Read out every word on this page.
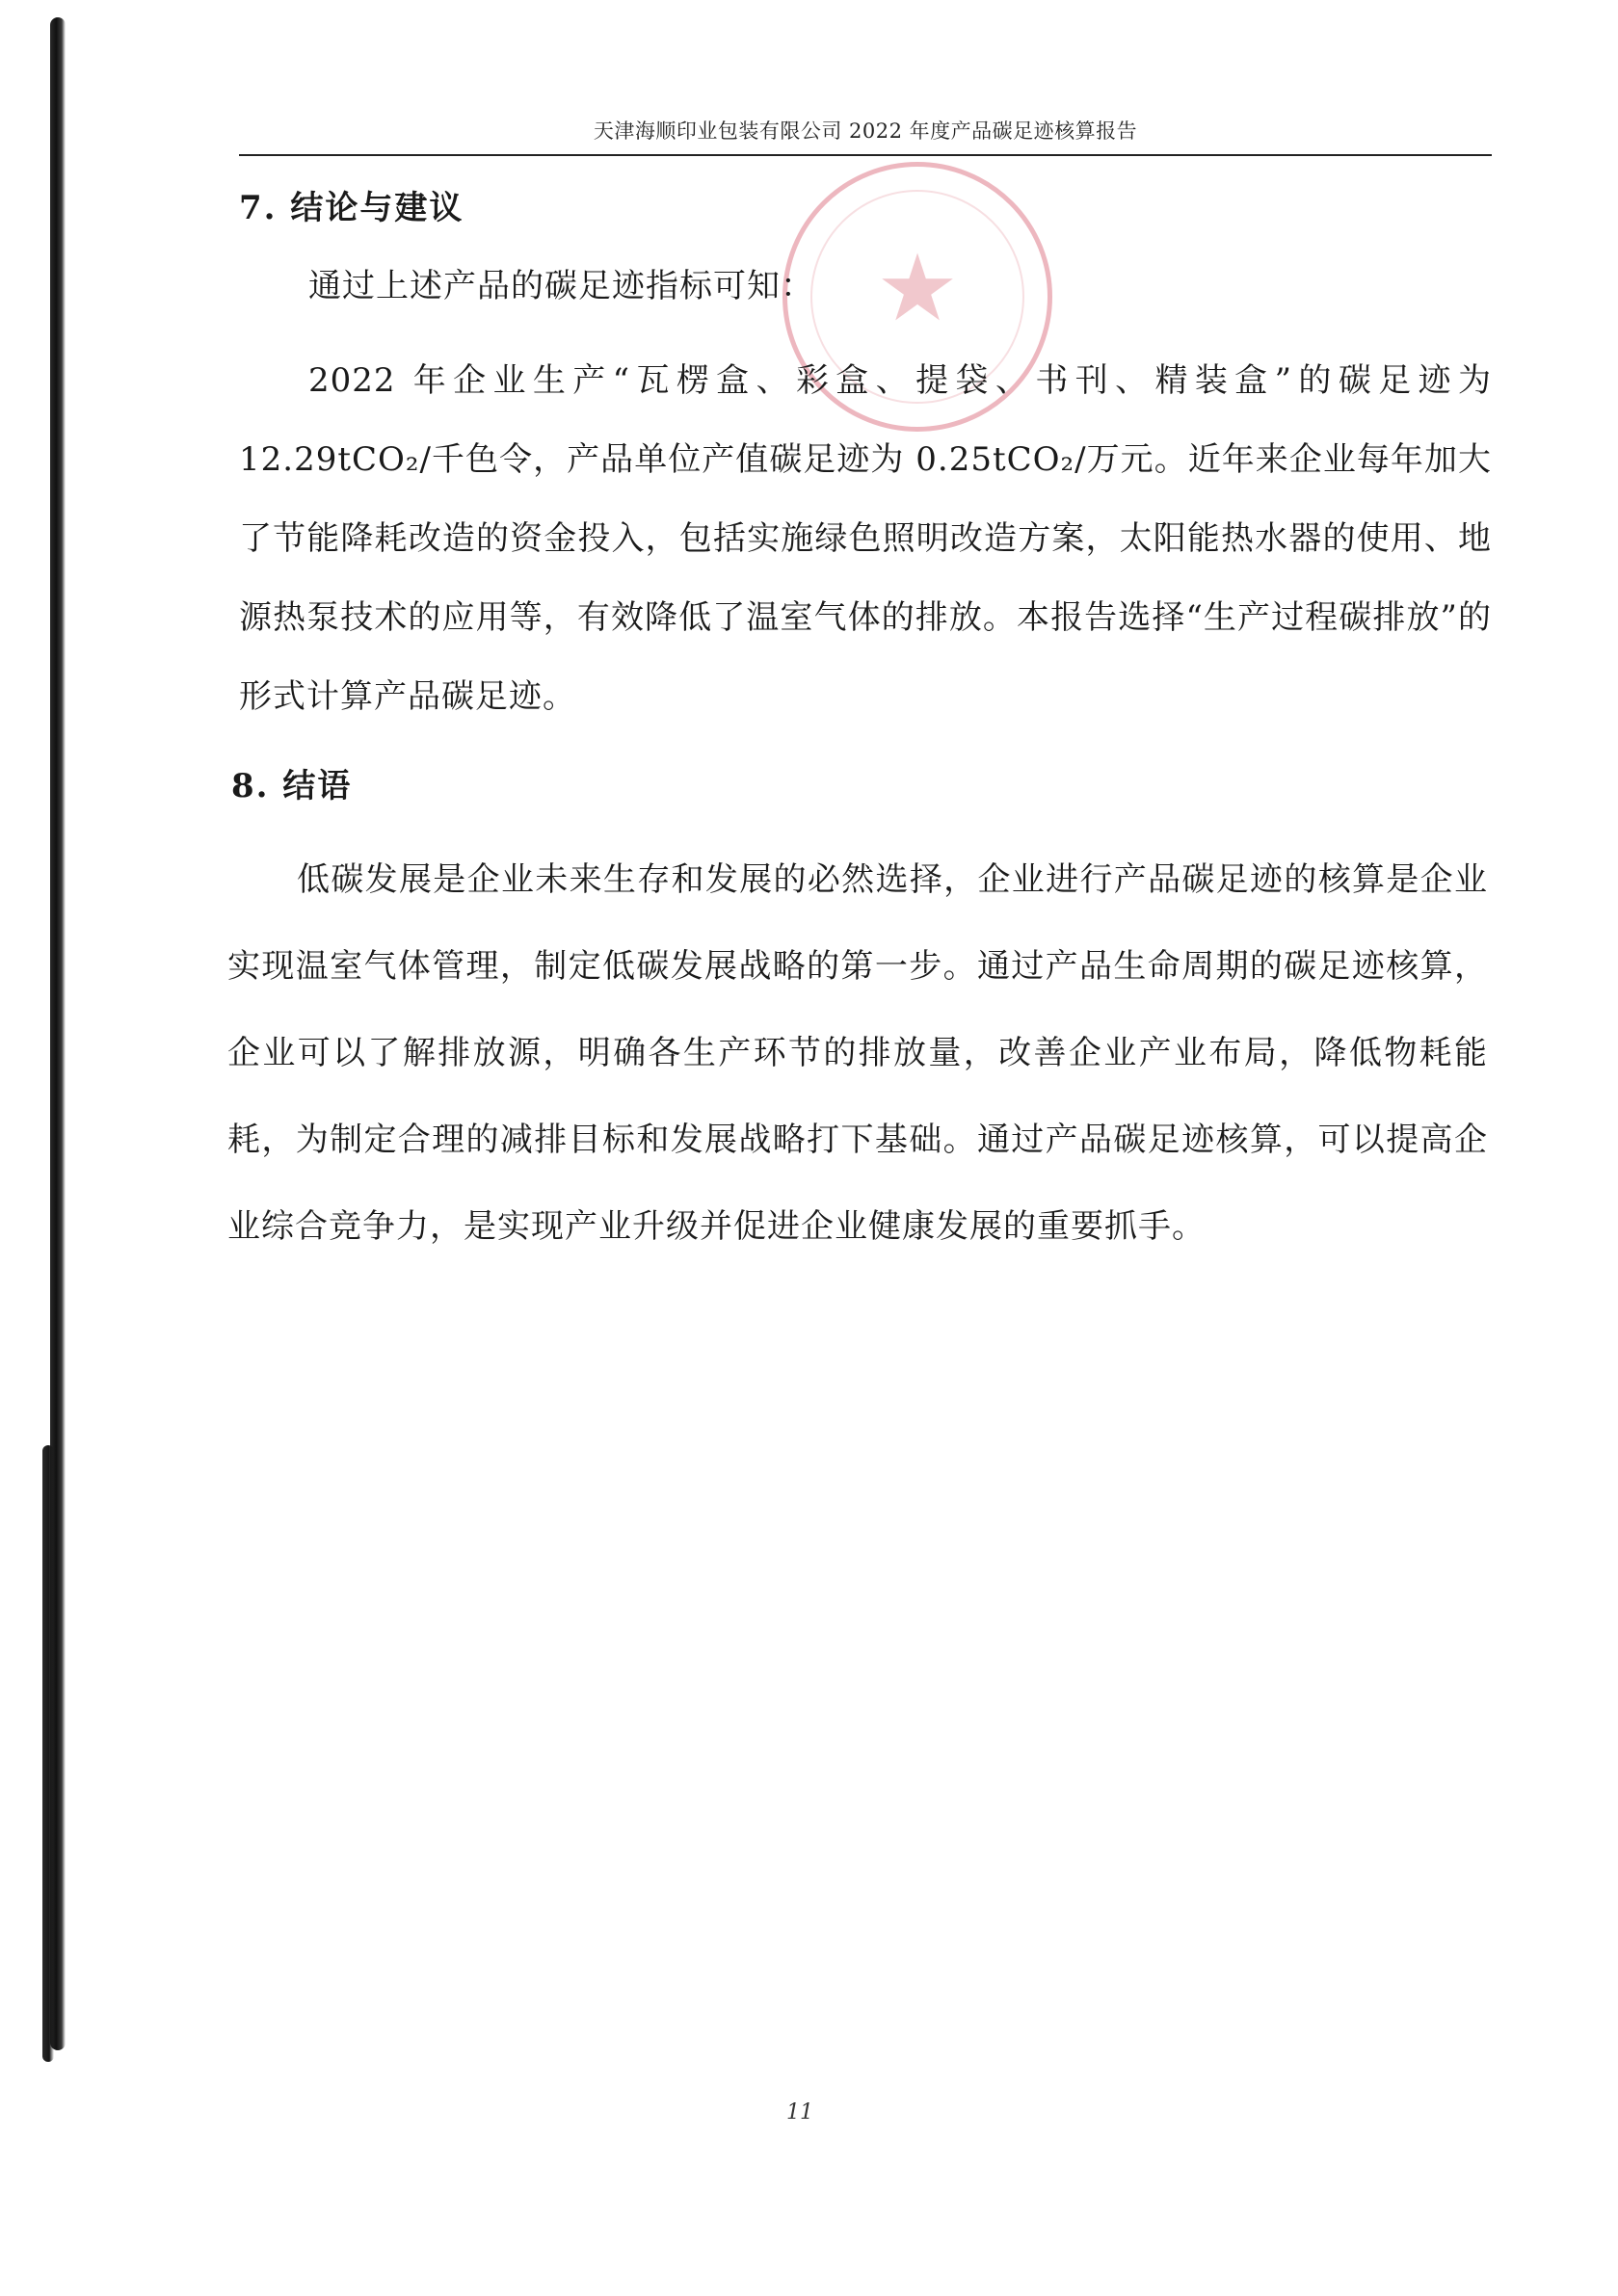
天津海顺印业包装有限公司 2022 年度产品碳足迹核算报告
★
7. 结论与建议

通过上述产品的碳足迹指标可知：

2022 年企业生产“瓦楞盒、彩盒、提袋、书刊、精装盒”的碳足迹为 12.29tCO₂/千色令，产品单位产值碳足迹为 0.25tCO₂/万元。近年来企业每年加大了节能降耗改造的资金投入，包括实施绿色照明改造方案，太阳能热水器的使用、地源热泵技术的应用等，有效降低了温室气体的排放。本报告选择“生产过程碳排放”的形式计算产品碳足迹。

8. 结语

低碳发展是企业未来生存和发展的必然选择，企业进行产品碳足迹的核算是企业实现温室气体管理，制定低碳发展战略的第一步。通过产品生命周期的碳足迹核算，企业可以了解排放源，明确各生产环节的排放量，改善企业产业布局，降低物耗能耗，为制定合理的减排目标和发展战略打下基础。通过产品碳足迹核算，可以提高企业综合竞争力，是实现产业升级并促进企业健康发展的重要抓手。

11
